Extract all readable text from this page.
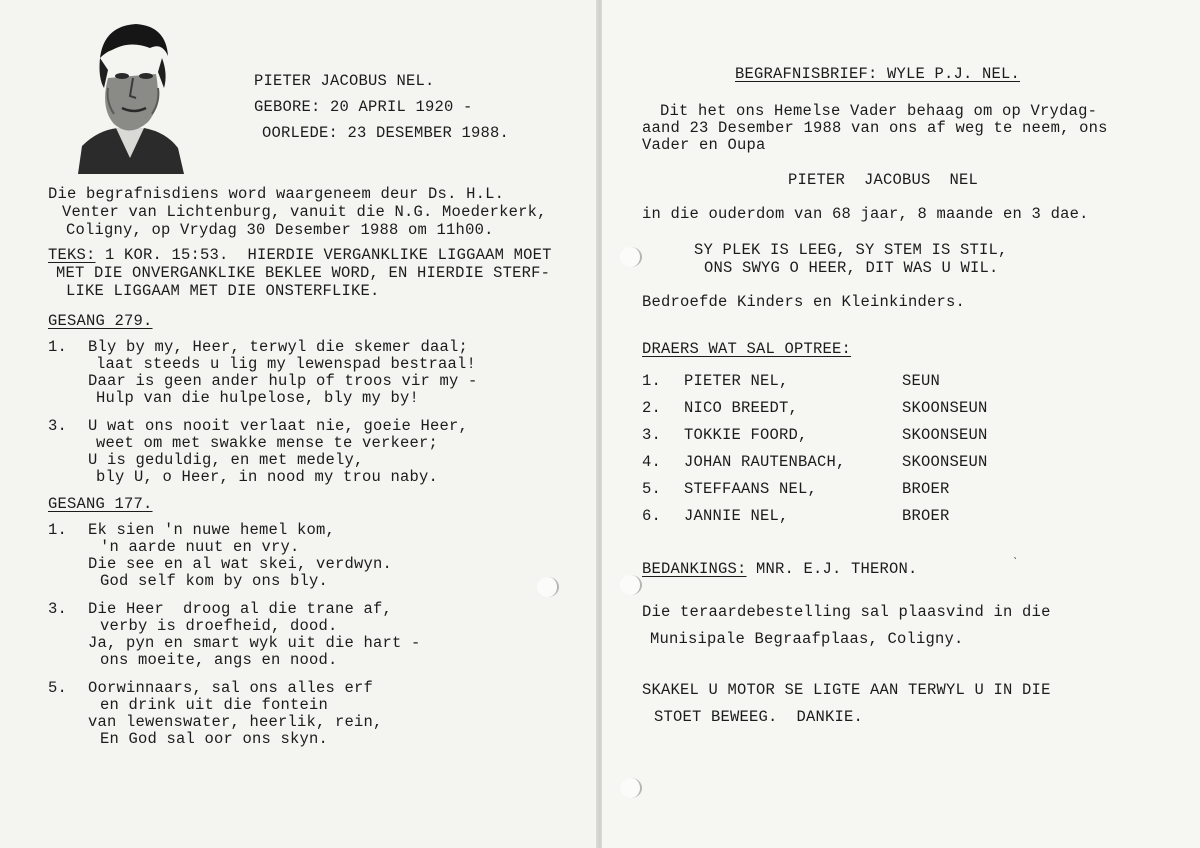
PIETER JACOBUS NEL.
GEBORE: 20 APRIL 1920 -
OORLEDE: 23 DESEMBER 1988.
Die begrafnisdiens word waargeneem deur Ds. H.L.
Venter van Lichtenburg, vanuit die N.G. Moederkerk,
Coligny, op Vrydag 30 Desember 1988 om 11h00.
TEKS: 1 KOR. 15:53.  HIERDIE VERGANKLIKE LIGGAAM MOET
MET DIE ONVERGANKLIKE BEKLEE WORD, EN HIERDIE STERF-
LIKE LIGGAAM MET DIE ONSTERFLIKE.
GESANG 279.
1. Bly by my, Heer, terwyl die skemer daal;
laat steeds u lig my lewenspad bestraal!
Daar is geen ander hulp of troos vir my -
Hulp van die hulpelose, bly my by!
3. U wat ons nooit verlaat nie, goeie Heer,
weet om met swakke mense te verkeer;
U is geduldig, en met medely,
bly U, o Heer, in nood my trou naby.
GESANG 177.
1. Ek sien 'n nuwe hemel kom,
'n aarde nuut en vry.
Die see en al wat skei, verdwyn.
God self kom by ons bly.
3. Die Heer  droog al die trane af,
verby is droefheid, dood.
Ja, pyn en smart wyk uit die hart -
ons moeite, angs en nood.
5. Oorwinnaars, sal ons alles erf
en drink uit die fontein
van lewenswater, heerlik, rein,
En God sal oor ons skyn.
BEGRAFNISBRIEF: WYLE P.J. NEL.
Dit het ons Hemelse Vader behaag om op Vrydag-
aand 23 Desember 1988 van ons af weg te neem, ons
Vader en Oupa
PIETER  JACOBUS  NEL
in die ouderdom van 68 jaar, 8 maande en 3 dae.
SY PLEK IS LEEG, SY STEM IS STIL,
ONS SWYG O HEER, DIT WAS U WIL.
Bedroefde Kinders en Kleinkinders.
DRAERS WAT SAL OPTREE:
1. PIETER NEL,	SEUN
2. NICO BREEDT,	SKOONSEUN
3. TOKKIE FOORD,	SKOONSEUN
4. JOHAN RAUTENBACH,	SKOONSEUN
5. STEFFAANS NEL,	BROER
6. JANNIE NEL,	BROER
BEDANKINGS: MNR. E.J. THERON.	ˋ
Die teraardebestelling sal plaasvind in die
Munisipale Begraafplaas, Coligny.
SKAKEL U MOTOR SE LIGTE AAN TERWYL U IN DIE
STOET BEWEEG.  DANKIE.
